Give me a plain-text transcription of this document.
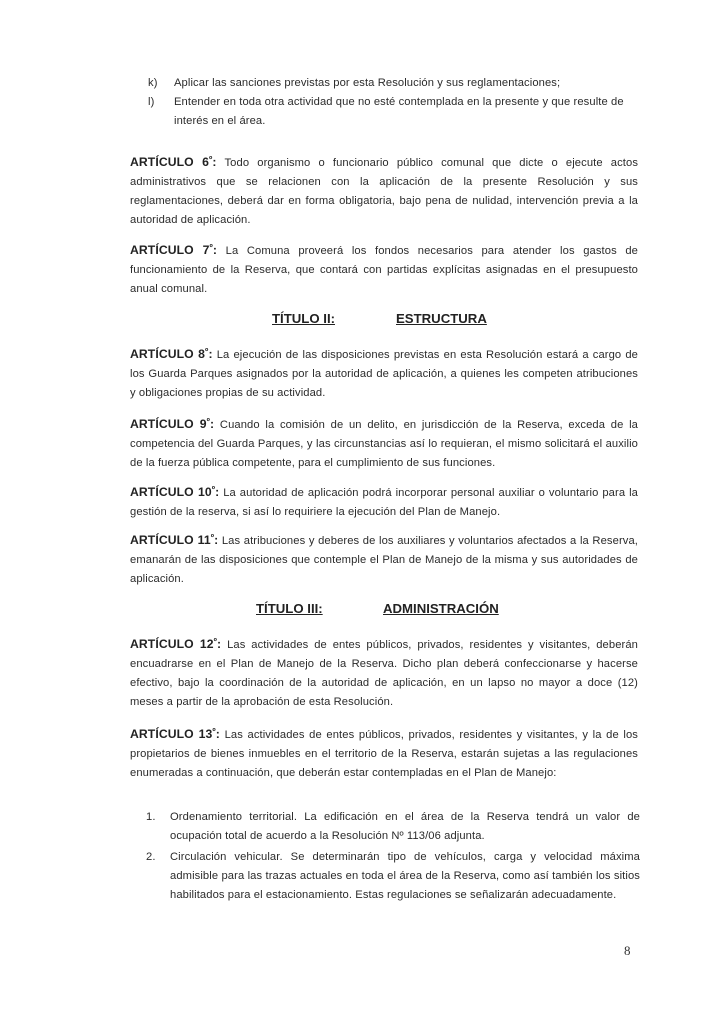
k) Aplicar las sanciones previstas por esta Resolución y sus reglamentaciones;
l) Entender en toda otra actividad que no esté contemplada en la presente y que resulte de interés en el área.
ARTÍCULO $6^º$: Todo organismo o funcionario público comunal que dicte o ejecute actos administrativos que se relacionen con la aplicación de la presente Resolución y sus reglamentaciones, deberá dar en forma obligatoria, bajo pena de nulidad, intervención previa a la autoridad de aplicación.
ARTÍCULO $7^º$: La Comuna proveerá los fondos necesarios para atender los gastos de funcionamiento de la Reserva, que contará con partidas explícitas asignadas en el presupuesto anual comunal.
TÍTULO II:	ESTRUCTURA
ARTÍCULO $8^º$: La ejecución de las disposiciones previstas en esta Resolución estará a cargo de los Guarda Parques asignados por la autoridad de aplicación, a quienes les competen atribuciones y obligaciones propias de su actividad.
ARTÍCULO $9^º$: Cuando la comisión de un delito, en jurisdicción de la Reserva, exceda de la competencia del Guarda Parques, y las circunstancias así lo requieran, el mismo solicitará el auxilio de la fuerza pública competente, para el cumplimiento de sus funciones.
ARTÍCULO $10^º$: La autoridad de aplicación podrá incorporar personal auxiliar o voluntario para la gestión de la reserva, si así lo requiriere la ejecución del Plan de Manejo.
ARTÍCULO $11^º$: Las atribuciones y deberes de los auxiliares y voluntarios afectados a la Reserva, emanarán de las disposiciones que contemple el Plan de Manejo de la misma y sus autoridades de aplicación.
TÍTULO III:	ADMINISTRACIÓN
ARTÍCULO $12^º$: Las actividades de entes públicos, privados, residentes y visitantes, deberán encuadrarse en el Plan de Manejo de la Reserva. Dicho plan deberá confeccionarse y hacerse efectivo, bajo la coordinación de la autoridad de aplicación, en un lapso no mayor a doce (12) meses a partir de la aprobación de esta Resolución.
ARTÍCULO $13^º$: Las actividades de entes públicos, privados, residentes y visitantes, y la de los propietarios de bienes inmuebles en el territorio de la Reserva, estarán sujetas a las regulaciones enumeradas a continuación, que deberán estar contempladas en el Plan de Manejo:
1. Ordenamiento territorial. La edificación en el área de la Reserva tendrá un valor de ocupación total de acuerdo a la Resolución Nº 113/06 adjunta.
2. Circulación vehicular. Se determinarán tipo de vehículos, carga y velocidad máxima admisible para las trazas actuales en toda el área de la Reserva, como así también los sitios habilitados para el estacionamiento. Estas regulaciones se señalizarán adecuadamente.
8
